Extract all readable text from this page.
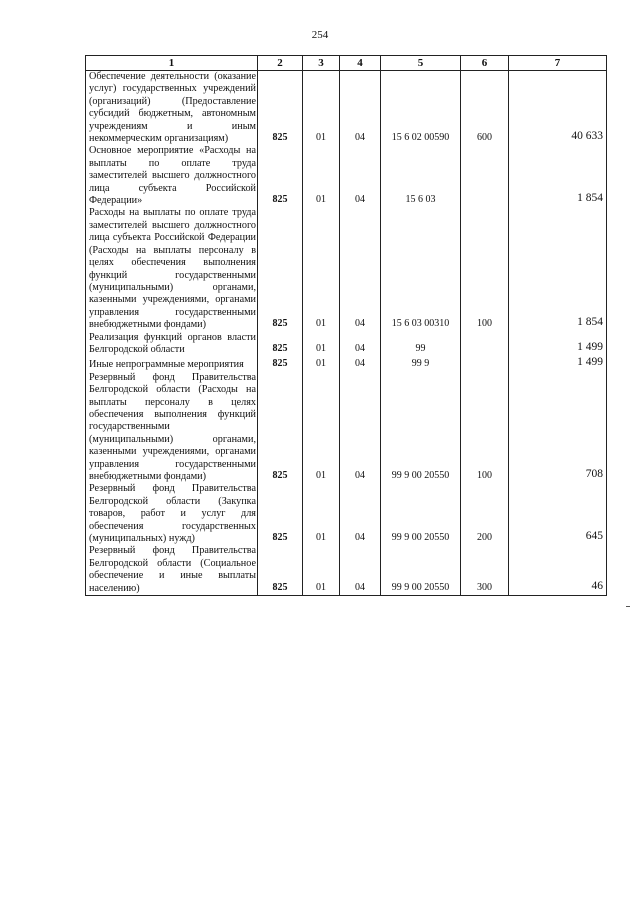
254
1	2	3	4	5	6	7
Обеспечение деятельности (оказание услуг) государственных учреждений (организаций) (Предоставление субсидий бюджетным, автономным учреждениям и иным некоммерческим организациям)	825	01	04	15 6 02 00590	600	40 633
Основное мероприятие «Расходы на выплаты по оплате труда заместителей высшего должностного лица субъекта Российской Федерации»	825	01	04	15 6 03		1 854
Расходы на выплаты по оплате труда заместителей высшего должностного лица субъекта Российской Федерации (Расходы на выплаты персоналу в целях обеспечения выполнения функций государственными (муниципальными) органами, казенными учреждениями, органами управления государственными внебюджетными фондами)	825	01	04	15 6 03 00310	100	1 854
Реализация функций органов власти Белгородской области	825	01	04	99		1 499
Иные непрограммные мероприятия	825	01	04	99 9		1 499
Резервный фонд Правительства Белгородской области (Расходы на выплаты персоналу в целях обеспечения выполнения функций государственными (муниципальными) органами, казенными учреждениями, органами управления государственными внебюджетными фондами)	825	01	04	99 9 00 20550	100	708
Резервный фонд Правительства Белгородской области (Закупка товаров, работ и услуг для обеспечения государственных (муниципальных) нужд)	825	01	04	99 9 00 20550	200	645
Резервный фонд Правительства Белгородской области (Социальное обеспечение и иные выплаты населению)	825	01	04	99 9 00 20550	300	46
